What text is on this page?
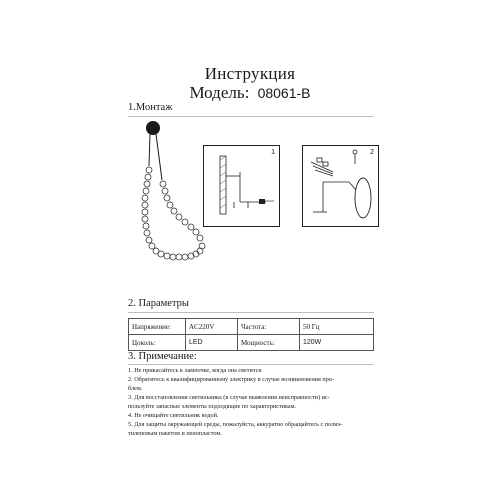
Инструкция
Модель: 08061-B
1.Монтаж
1	2
2. Параметры
Напряжение:	AC220V	Частота:	50 Гц
Цоколь:	LED	Мощность:	120W
3. Примечание:
1. Не прикасайтесь к лампочке, когда она светится
2. Обратитесь к квалифицированному электрику в случае возникновения про-
блем.
3. Для восстановления светильника (в случае выявления неисправности) ис-
пользуйте запасные элементы подходящие по характеристикам.
4. Не очищайте светильник водой.
5. Для защиты окружающей среды, пожалуйста, аккуратно обращайтесь с полиэ-
тиленовым пакетом и пенопластом.
